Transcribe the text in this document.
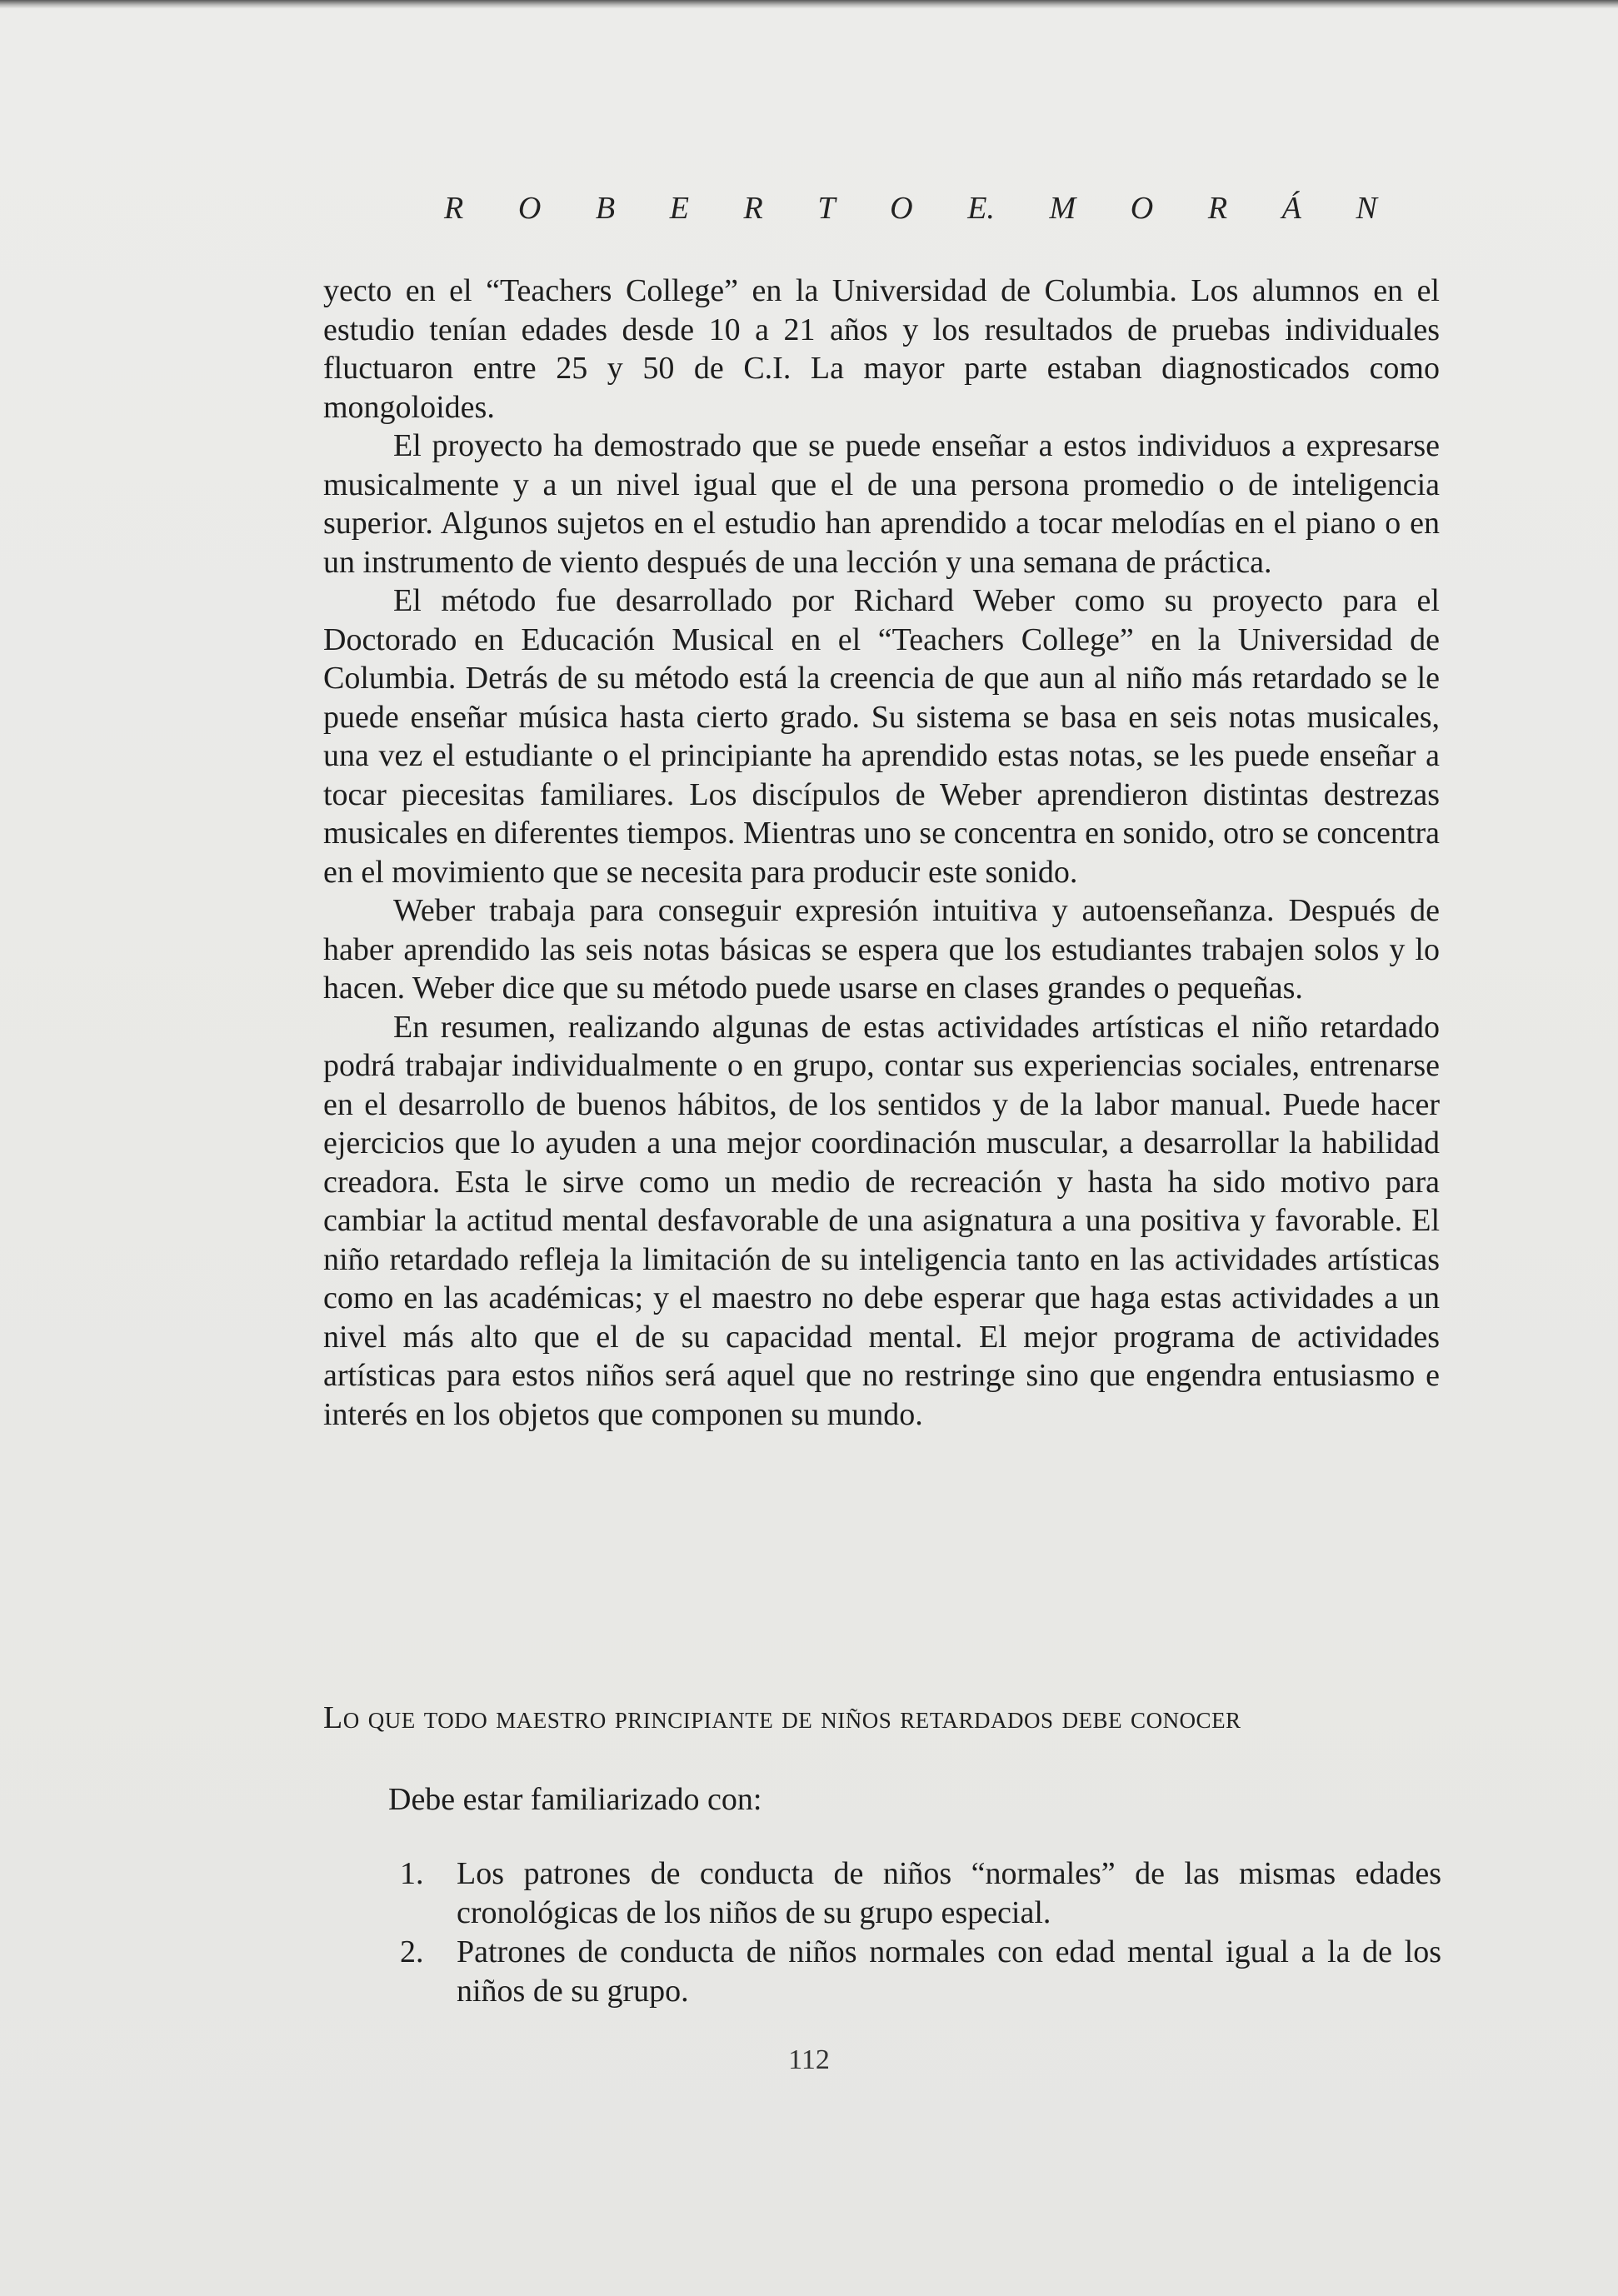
R O B E R T O E. M O R Á N

yecto en el “Teachers College” en la Universidad de Columbia. Los alumnos en el estudio tenían edades desde 10 a 21 años y los resultados de pruebas individuales fluctuaron entre 25 y 50 de C.I. La mayor parte estaban diagnosticados como mongoloides.

El proyecto ha demostrado que se puede enseñar a estos individuos a expresarse musicalmente y a un nivel igual que el de una persona promedio o de inteligencia superior. Algunos sujetos en el estudio han aprendido a tocar melodías en el piano o en un instrumento de viento después de una lección y una semana de práctica.

El método fue desarrollado por Richard Weber como su proyecto para el Doctorado en Educación Musical en el “Teachers College” en la Universidad de Columbia. Detrás de su método está la creencia de que aun al niño más retardado se le puede enseñar música hasta cierto grado. Su sistema se basa en seis notas musicales, una vez el estudiante o el principiante ha aprendido estas notas, se les puede enseñar a tocar piecesitas familiares. Los discípulos de Weber aprendieron distintas destrezas musicales en diferentes tiempos. Mientras uno se concentra en sonido, otro se concentra en el movimiento que se necesita para producir este sonido.

Weber trabaja para conseguir expresión intuitiva y autoenseñanza. Después de haber aprendido las seis notas básicas se espera que los estudiantes trabajen solos y lo hacen. Weber dice que su método puede usarse en clases grandes o pequeñas.

En resumen, realizando algunas de estas actividades artísticas el niño retardado podrá trabajar individualmente o en grupo, contar sus experiencias sociales, entrenarse en el desarrollo de buenos hábitos, de los sentidos y de la labor manual. Puede hacer ejercicios que lo ayuden a una mejor coordinación muscular, a desarrollar la habilidad creadora. Esta le sirve como un medio de recreación y hasta ha sido motivo para cambiar la actitud mental desfavorable de una asignatura a una positiva y favorable. El niño retardado refleja la limitación de su inteligencia tanto en las actividades artísticas como en las académicas; y el maestro no debe esperar que haga estas actividades a un nivel más alto que el de su capacidad mental. El mejor programa de actividades artísticas para estos niños será aquel que no restringe sino que engendra entusiasmo e interés en los objetos que componen su mundo.

Lo que todo maestro principiante de niños retardados debe conocer
Debe estar familiarizado con:
1.	Los patrones de conducta de niños “normales” de las mismas edades cronológicas de los niños de su grupo especial.
2.	Patrones de conducta de niños normales con edad mental igual a la de los niños de su grupo.
112
